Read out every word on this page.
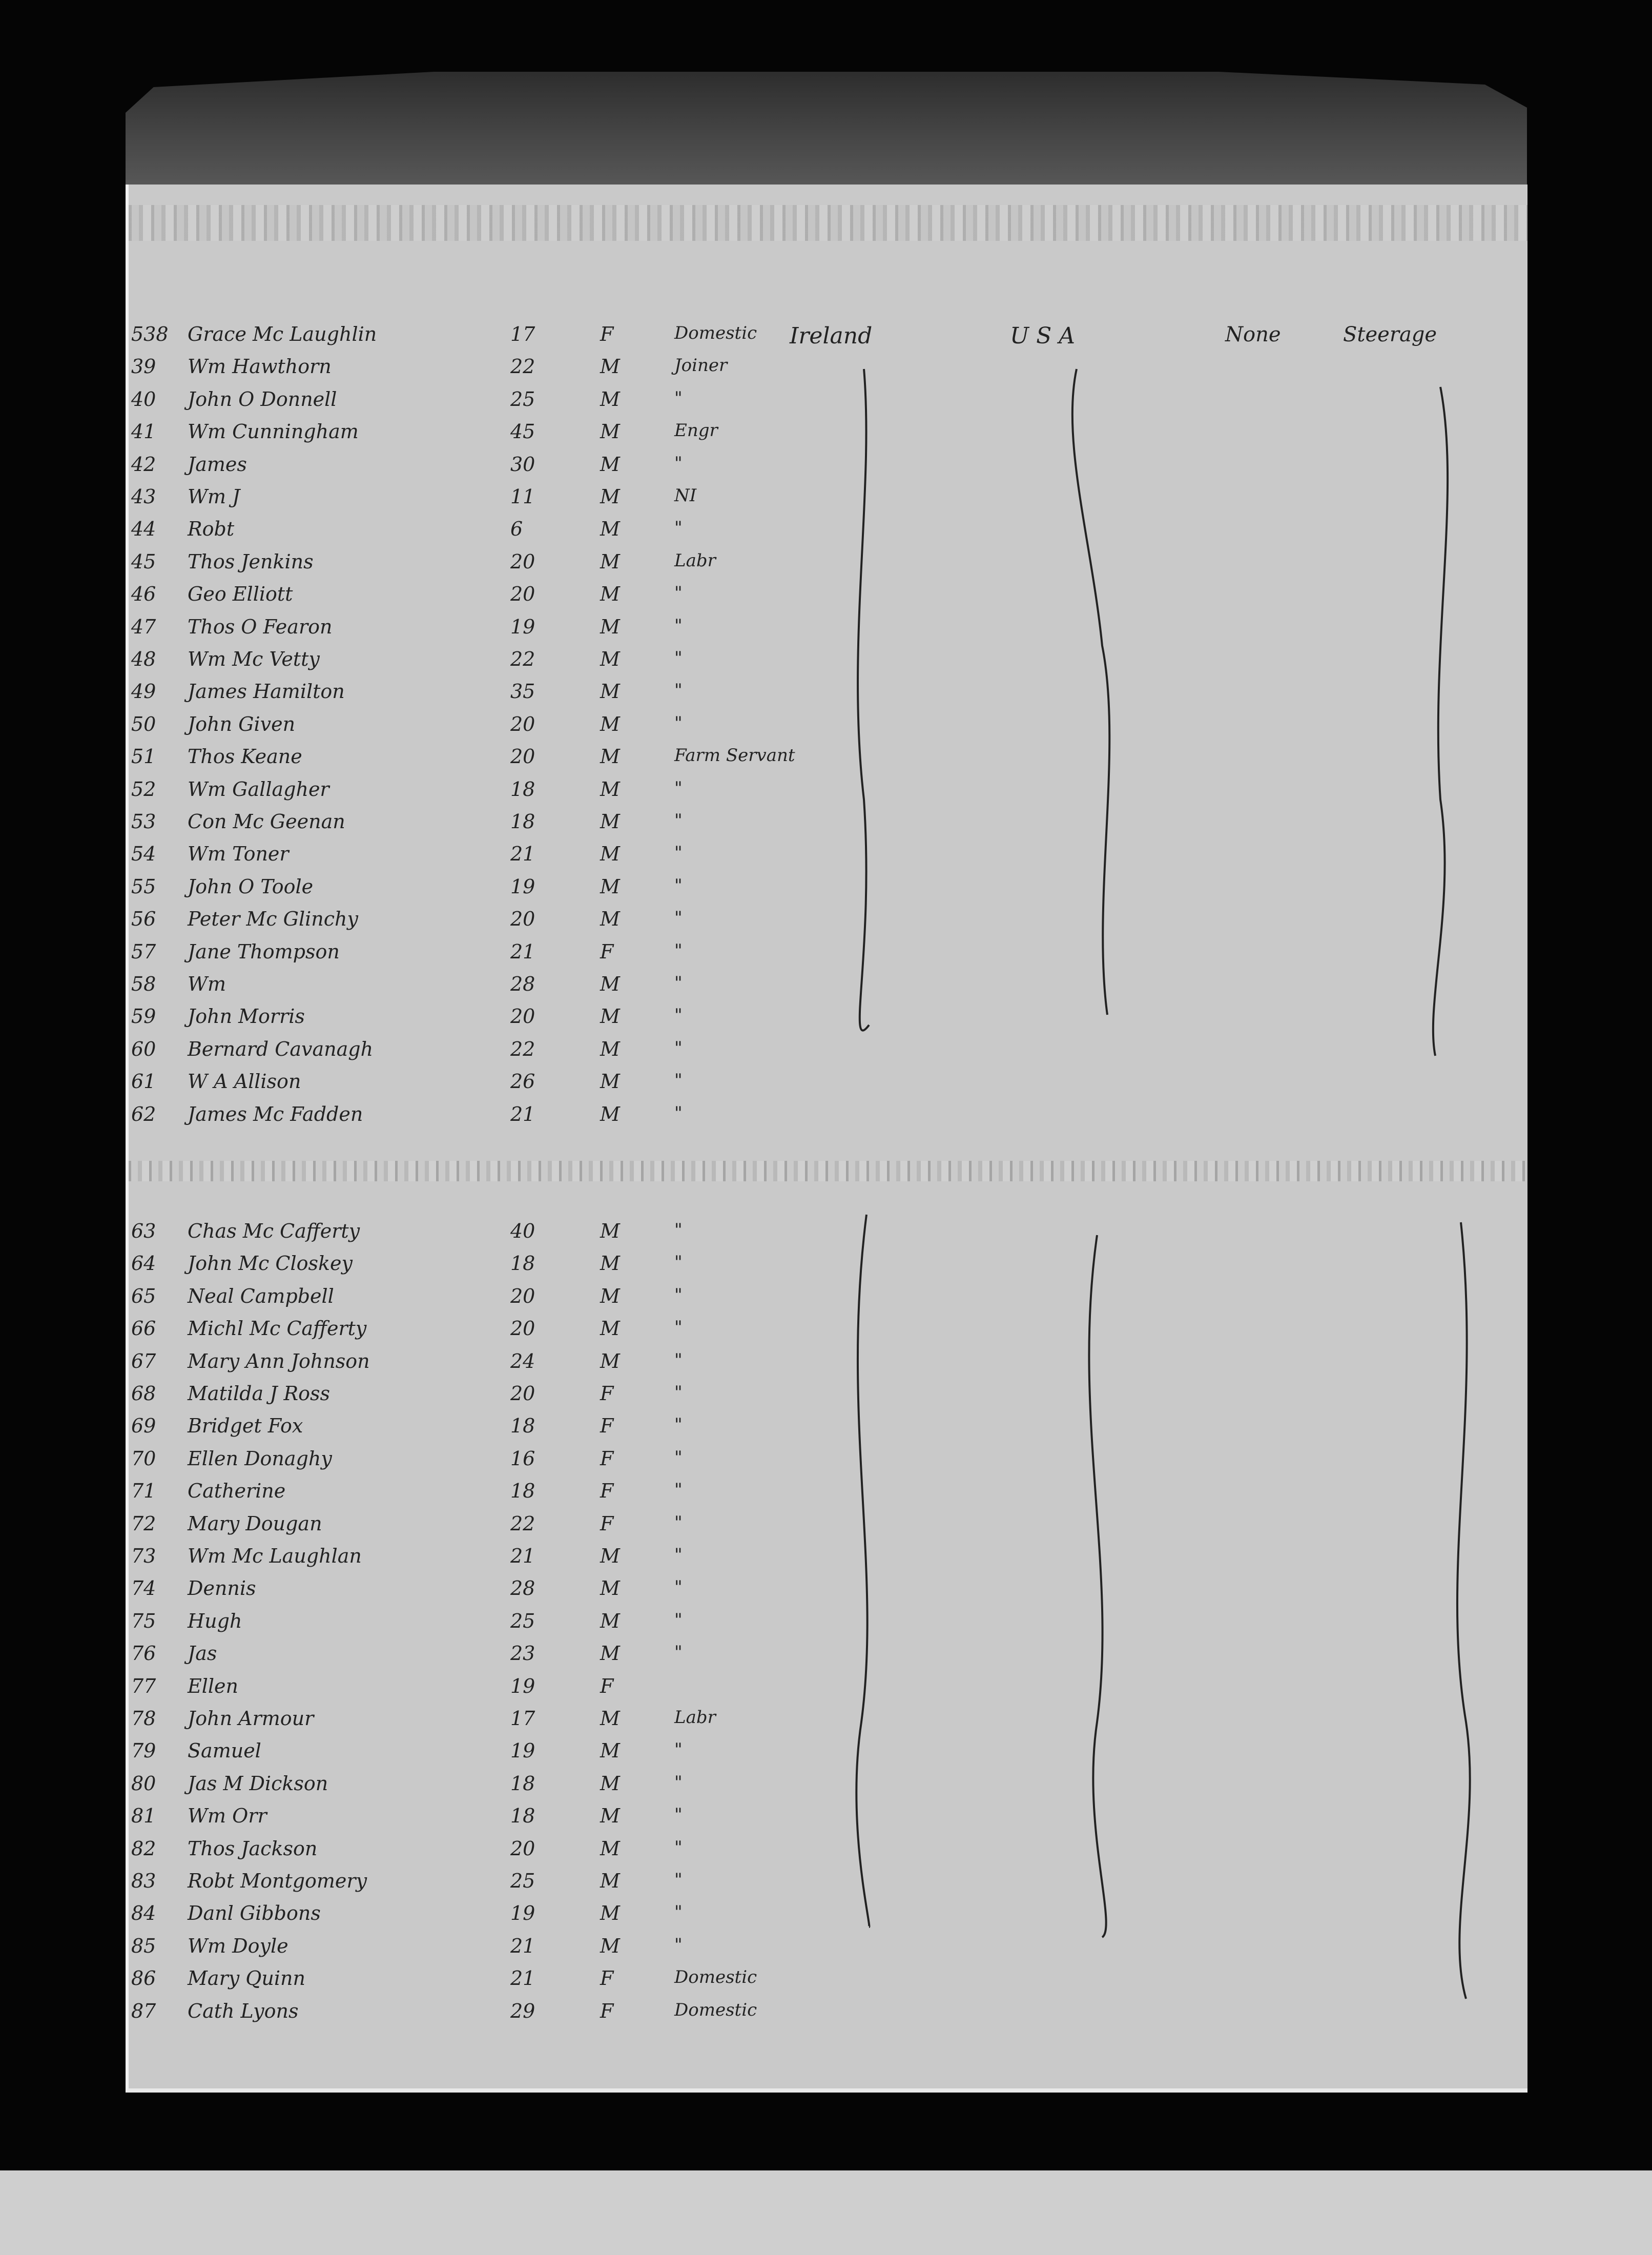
Ireland	U S A	None	Steerage
538 Grace Mc Laughlin	17	F	Domestic
39	Wm Hawthorn	22	M	Joiner
40	John O Donnell	25	M	"
41	Wm Cunningham	45	M	Engr
42	James	30	M	"
43	Wm J	11	M	NI
44	Robt	6	M	"
45	Thos Jenkins	20	M	Labr
46	Geo Elliott	20	M	"
47	Thos O Fearon	19	M	"
48	Wm Mc Vetty	22	M	"
49	James Hamilton	35	M	"
50	John Given	20	M	"
51	Thos Keane	20	M	Farm Servant
52	Wm Gallagher	18	M	"
53	Con Mc Geenan	18	M	"
54	Wm Toner	21	M	"
55	John O Toole	19	M	"
56	Peter Mc Glinchy	20	M	"
57	Jane Thompson	21	F	"
58	Wm	28	M	"
59	John Morris	20	M	"
60	Bernard Cavanagh	22	M	"
61	W A Allison	26	M	"
62	James Mc Fadden	21	M	"
63	Chas Mc Cafferty	40	M	"
64	John Mc Closkey	18	M	"
65	Neal Campbell	20	M	"
66	Michl Mc Cafferty	20	M	"
67	Mary Ann Johnson	24	M	"
68	Matilda J Ross	20	F	"
69	Bridget Fox	18	F	"
70	Ellen Donaghy	16	F	"
71	Catherine	18	F	"
72	Mary Dougan	22	F	"
73	Wm Mc Laughlan	21	M	"
74	Dennis	28	M	"
75	Hugh	25	M	"
76	Jas	23	M	"
77	Ellen	19	F
78	John Armour	17	M	Labr
79	Samuel	19	M	"
80	Jas M Dickson	18	M	"
81	Wm Orr	18	M	"
82	Thos Jackson	20	M	"
83	Robt Montgomery	25	M	"
84	Danl Gibbons	19	M	"
85	Wm Doyle	21	M	"
86	Mary Quinn	21	F	Domestic
87	Cath Lyons	29	F	Domestic
